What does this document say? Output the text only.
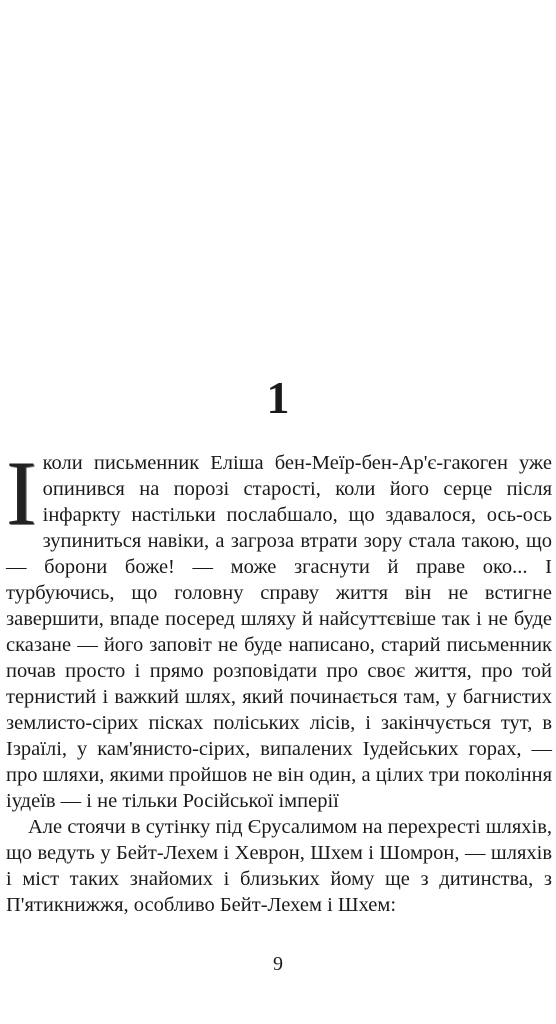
1

Іколи письменник Еліша бен-Меїр-бен-Ар'є-гакоген уже опинився на порозі старості, коли його серце після інфаркту настільки послабшало, що здавалося, ось-ось зупиниться навіки, а загроза втрати зору стала такою, що — борони боже! — може згаснути й праве око... І турбуючись, що головну справу життя він не встигне завершити, впаде посеред шляху й найсуттєвіше так і не буде сказане — його заповіт не буде написано, старий письменник почав просто і прямо розповідати про своє життя, про той тернистий і важкий шлях, який починається там, у багнистих землисто-сірих пісках поліських лісів, і закінчується тут, в Ізраїлі, у кам'янисто-сірих, випалених Іудейських горах, — про шляхи, якими пройшов не він один, а цілих три покоління іудеїв — і не тільки Російської імперії

Але стоячи в сутінку під Єрусалимом на перехресті шляхів, що ведуть у Бейт-Лехем і Хеврон, Шхем і Шомрон, — шляхів і міст таких знайомих і близьких йому ще з дитинства, з П'ятикнижжя, особливо Бейт-Лехем і Шхем:

9
